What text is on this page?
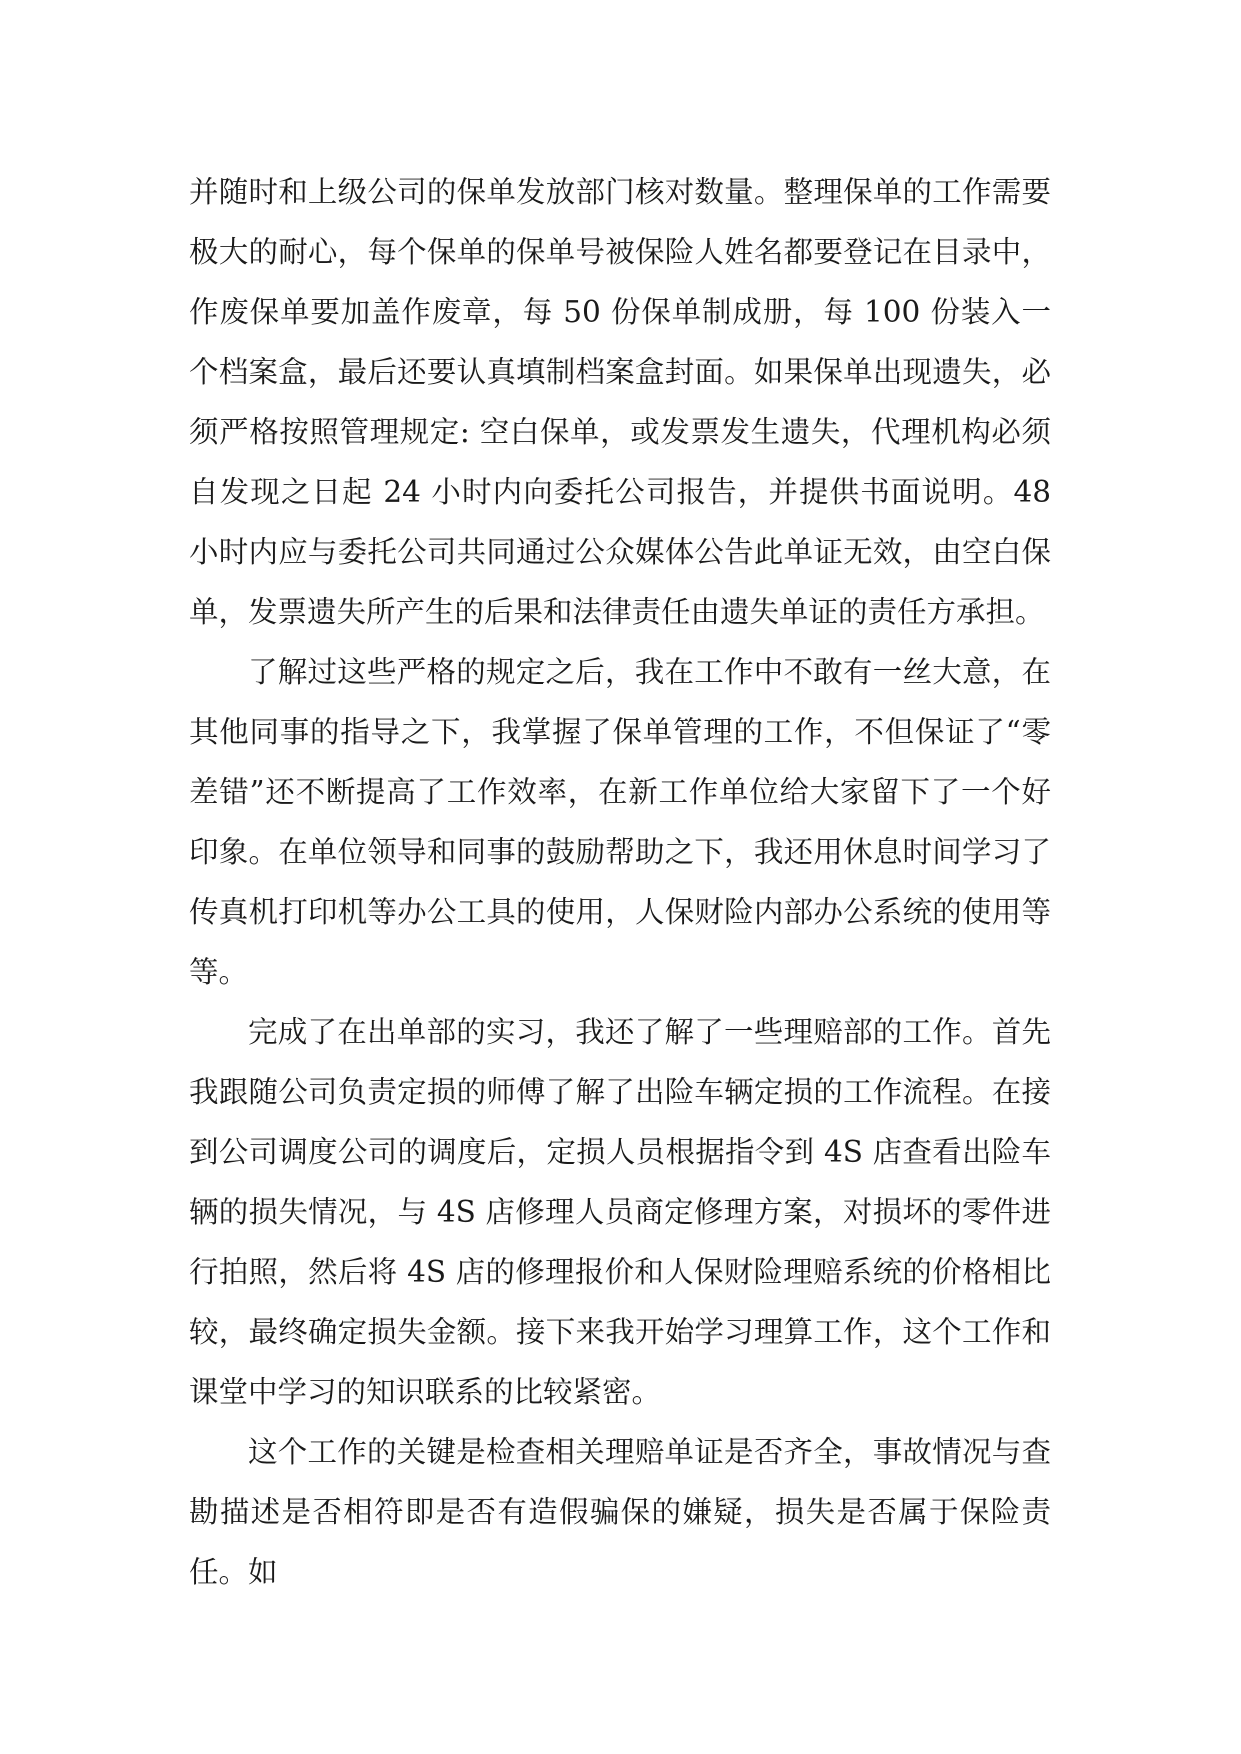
并随时和上级公司的保单发放部门核对数量。整理保单的工作需要极大的耐心，每个保单的保单号被保险人姓名都要登记在目录中，作废保单要加盖作废章，每 50 份保单制成册，每 100 份装入一个档案盒，最后还要认真填制档案盒封面。如果保单出现遗失，必须严格按照管理规定: 空白保单，或发票发生遗失，代理机构必须自发现之日起 24 小时内向委托公司报告，并提供书面说明。48 小时内应与委托公司共同通过公众媒体公告此单证无效，由空白保单，发票遗失所产生的后果和法律责任由遗失单证的责任方承担。

了解过这些严格的规定之后，我在工作中不敢有一丝大意，在其他同事的指导之下，我掌握了保单管理的工作，不但保证了“零差错”还不断提高了工作效率，在新工作单位给大家留下了一个好印象。在单位领导和同事的鼓励帮助之下，我还用休息时间学习了传真机打印机等办公工具的使用，人保财险内部办公系统的使用等等。

完成了在出单部的实习，我还了解了一些理赔部的工作。首先我跟随公司负责定损的师傅了解了出险车辆定损的工作流程。在接到公司调度公司的调度后，定损人员根据指令到 4S 店查看出险车辆的损失情况，与 4S 店修理人员商定修理方案，对损坏的零件进行拍照，然后将 4S 店的修理报价和人保财险理赔系统的价格相比较，最终确定损失金额。接下来我开始学习理算工作，这个工作和课堂中学习的知识联系的比较紧密。

这个工作的关键是检查相关理赔单证是否齐全，事故情况与查勘描述是否相符即是否有造假骗保的嫌疑，损失是否属于保险责任。如
